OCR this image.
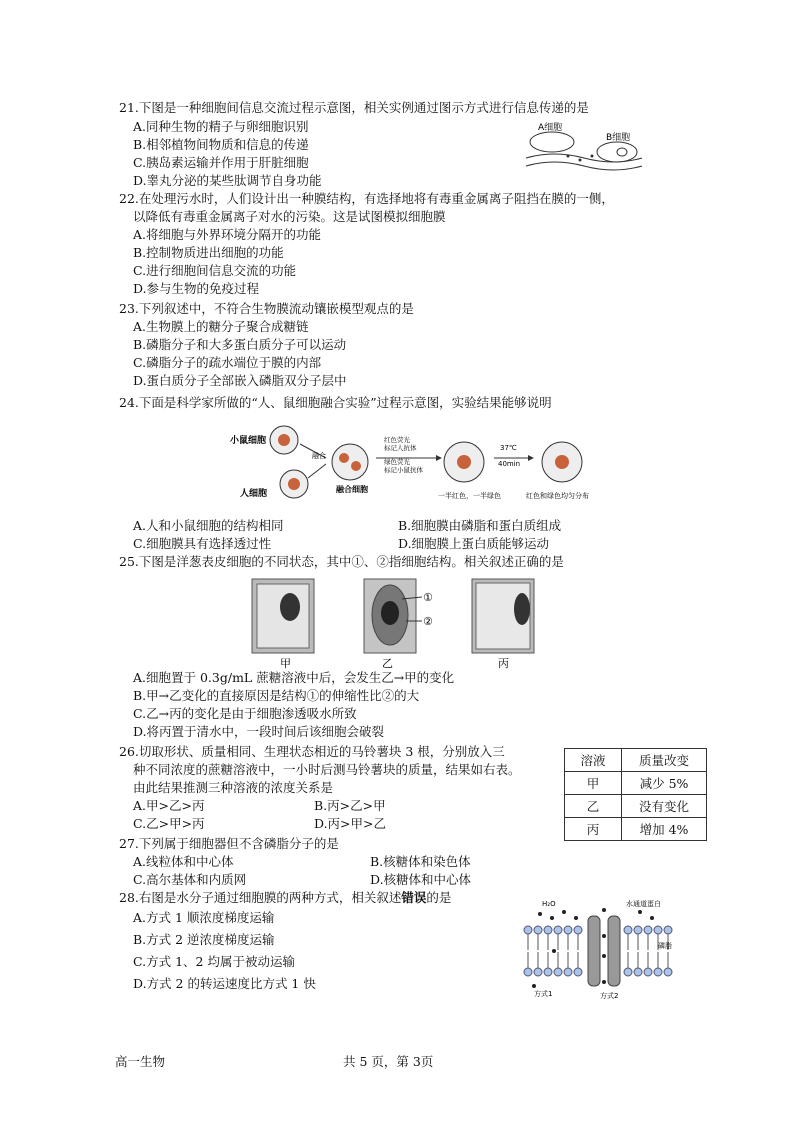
21.下图是一种细胞间信息交流过程示意图，相关实例通过图示方式进行信息传递的是
A.同种生物的精子与卵细胞识别
B.相邻植物间物质和信息的传递
C.胰岛素运输并作用于肝脏细胞
D.睾丸分泌的某些肽调节自身功能
A细胞
B细胞
22.在处理污水时，人们设计出一种膜结构，有选择地将有毒重金属离子阻挡在膜的一侧，
以降低有毒重金属离子对水的污染。这是试图模拟细胞膜
A.将细胞与外界环境分隔开的功能
B.控制物质进出细胞的功能
C.进行细胞间信息交流的功能
D.参与生物的免疫过程
23.下列叙述中，不符合生物膜流动镶嵌模型观点的是
A.生物膜上的糖分子聚合成糖链
B.磷脂分子和大多蛋白质分子可以运动
C.磷脂分子的疏水端位于膜的内部
D.蛋白质分子全部嵌入磷脂双分子层中
24.下面是科学家所做的“人、鼠细胞融合实验”过程示意图，实验结果能够说明
小鼠细胞
人细胞
融合
融合细胞
红色荧光
标记人抗体
绿色荧光
标记小鼠抗体
一半红色，一半绿色
37℃
40min
红色和绿色均匀分布
A.人和小鼠细胞的结构相同	B.细胞膜由磷脂和蛋白质组成
C.细胞膜具有选择透过性	D.细胞膜上蛋白质能够运动
25.下图是洋葱表皮细胞的不同状态，其中①、②指细胞结构。相关叙述正确的是
①
②
甲	乙	丙
A.细胞置于 0.3g/mL 蔗糖溶液中后，会发生乙→甲的变化
B.甲→乙变化的直接原因是结构①的伸缩性比②的大
C.乙→丙的变化是由于细胞渗透吸水所致
D.将丙置于清水中，一段时间后该细胞会破裂
26.切取形状、质量相同、生理状态相近的马铃薯块 3 根，分别放入三
种不同浓度的蔗糖溶液中，一小时后测马铃薯块的质量，结果如右表。
由此结果推测三种溶液的浓度关系是
A.甲>乙>丙	B.丙>乙>甲
C.乙>甲>丙	D.丙>甲>乙
溶液	质量改变
甲	减少 5%
乙	没有变化
丙	增加 4%
27.下列属于细胞器但不含磷脂分子的是
A.线粒体和中心体	B.核糖体和染色体
C.高尔基体和内质网	D.核糖体和中心体
28.右图是水分子通过细胞膜的两种方式，相关叙述错误的是
A.方式 1 顺浓度梯度运输
B.方式 2 逆浓度梯度运输
C.方式 1、2 均属于被动运输
D.方式 2 的转运速度比方式 1 快
H₂O	水通道蛋白
磷脂
方式1	方式2
高一生物	共 5 页，第 3页
